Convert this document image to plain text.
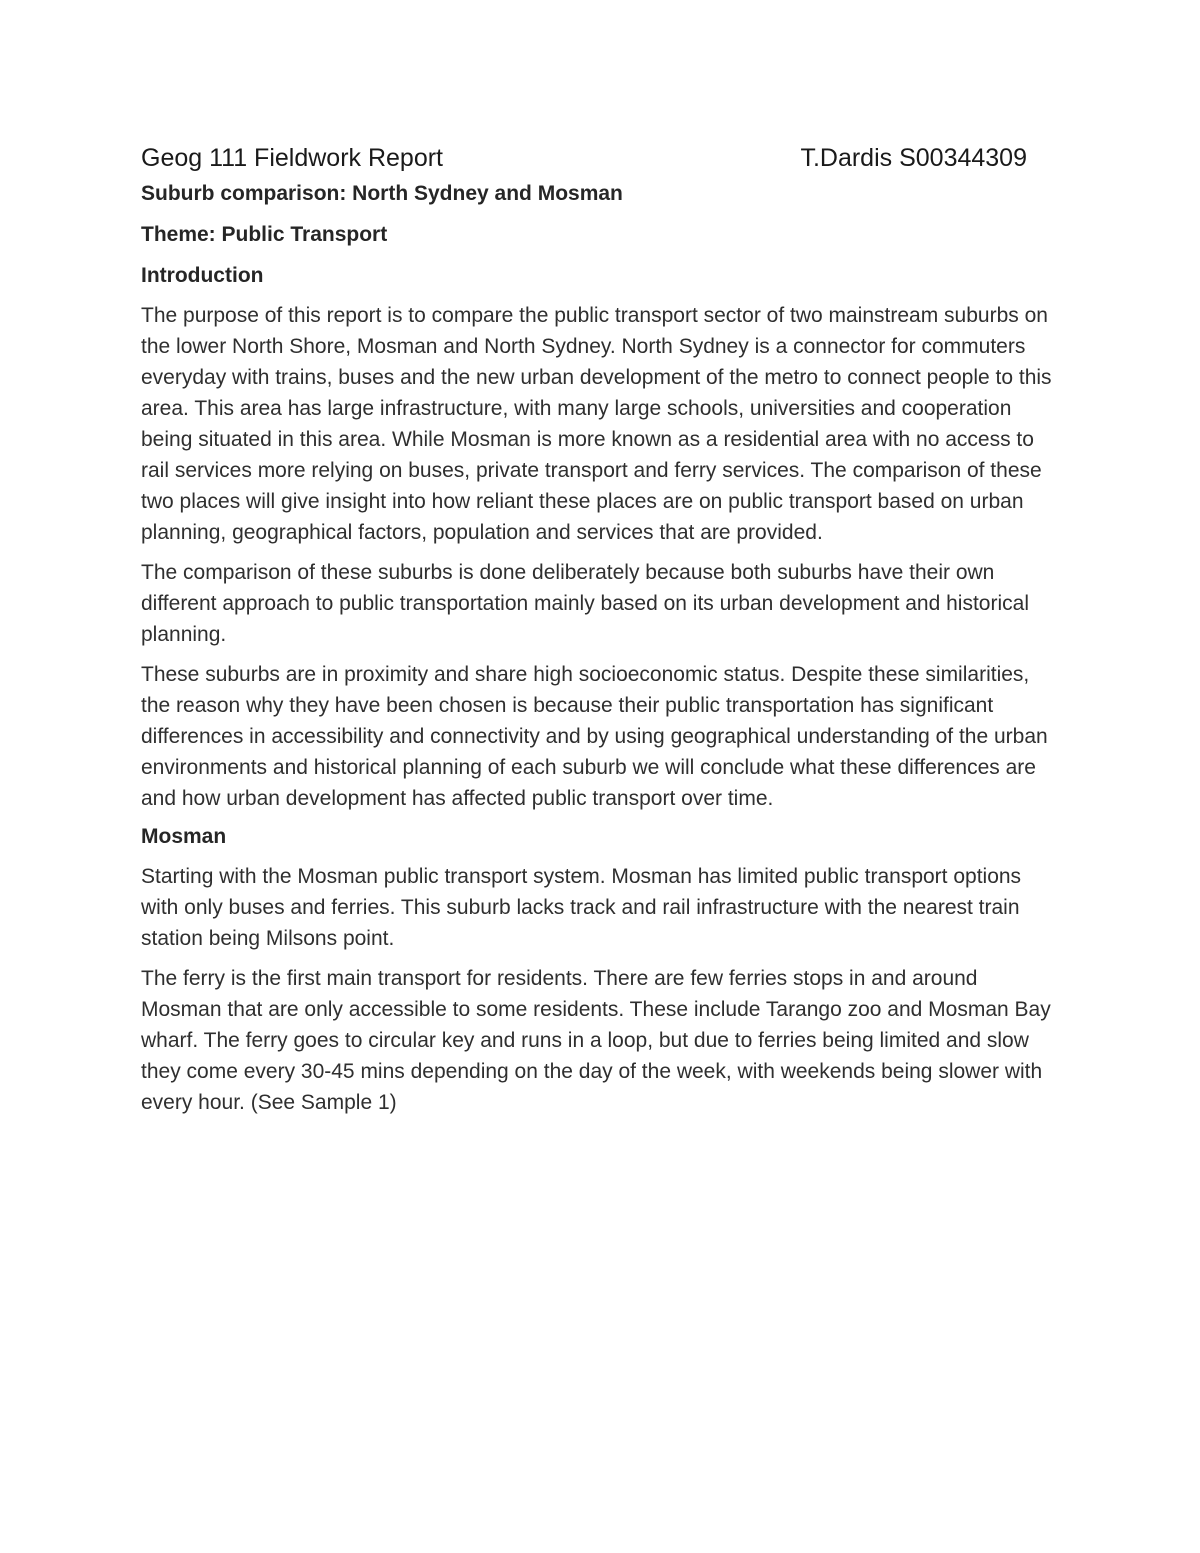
Geog 111 Fieldwork Report	T.Dardis S00344309
Suburb comparison: North Sydney and Mosman
Theme: Public Transport
Introduction

The purpose of this report is to compare the public transport sector of two mainstream suburbs on the lower North Shore, Mosman and North Sydney. North Sydney is a connector for commuters everyday with trains, buses and the new urban development of the metro to connect people to this area. This area has large infrastructure, with many large schools, universities and cooperation being situated in this area. While Mosman is more known as a residential area with no access to rail services more relying on buses, private transport and ferry services. The comparison of these two places will give insight into how reliant these places are on public transport based on urban planning, geographical factors, population and services that are provided.

The comparison of these suburbs is done deliberately because both suburbs have their own different approach to public transportation mainly based on its urban development and historical planning.

These suburbs are in proximity and share high socioeconomic status. Despite these similarities, the reason why they have been chosen is because their public transportation has significant differences in accessibility and connectivity and by using geographical understanding of the urban environments and historical planning of each suburb we will conclude what these differences are and how urban development has affected public transport over time.

Mosman

Starting with the Mosman public transport system. Mosman has limited public transport options with only buses and ferries. This suburb lacks track and rail infrastructure with the nearest train station being Milsons point.

The ferry is the first main transport for residents. There are few ferries stops in and around Mosman that are only accessible to some residents. These include Tarango zoo and Mosman Bay wharf. The ferry goes to circular key and runs in a loop, but due to ferries being limited and slow they come every 30-45 mins depending on the day of the week, with weekends being slower with every hour. (See Sample 1)
